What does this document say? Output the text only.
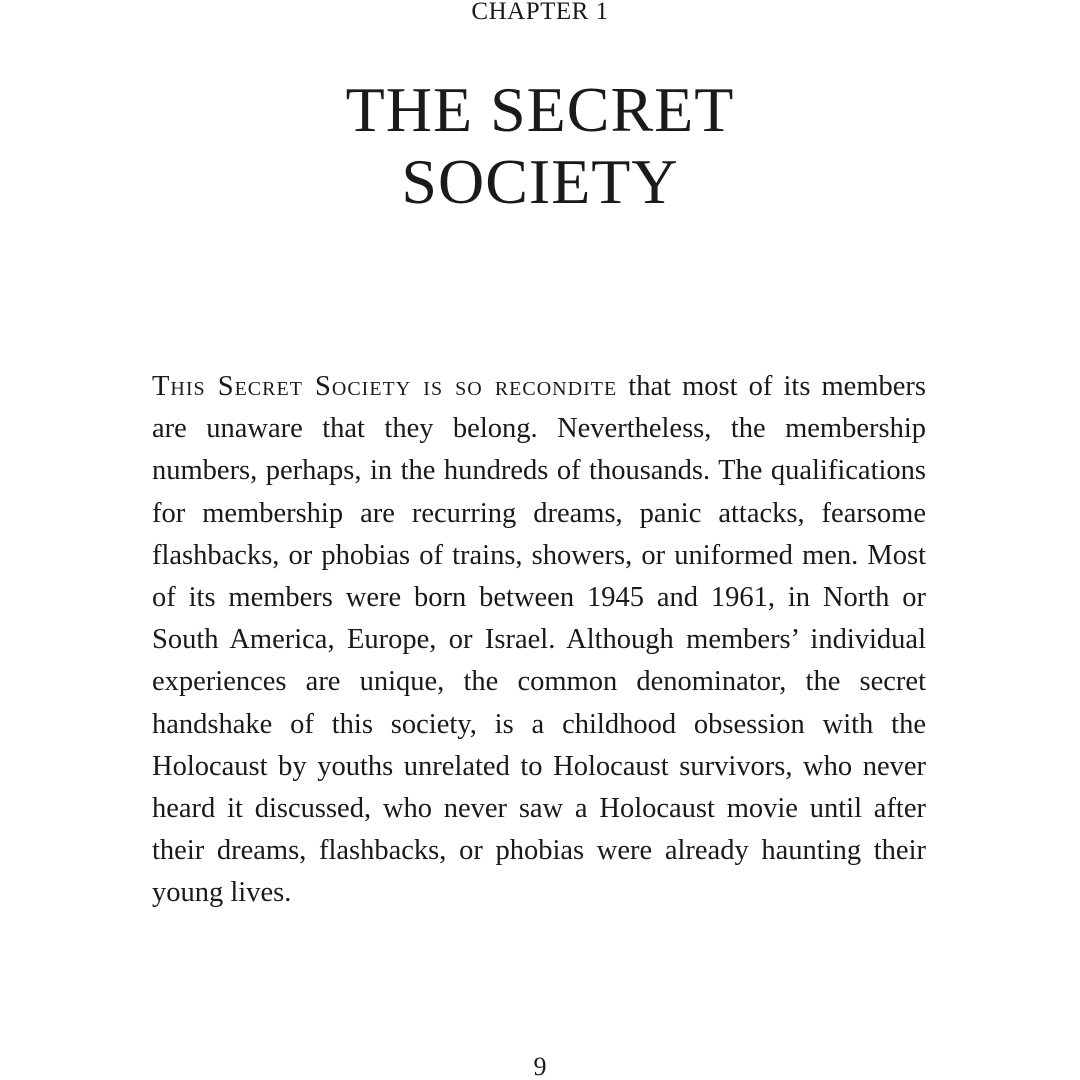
CHAPTER 1
THE SECRET
SOCIETY

This Secret Society is so recondite that most of its members are unaware that they belong. Nevertheless, the membership numbers, perhaps, in the hundreds of thousands. The qualifications for membership are recurring dreams, panic attacks, fearsome flashbacks, or phobias of trains, showers, or uniformed men. Most of its members were born between 1945 and 1961, in North or South America, Europe, or Israel. Although members’ individual experiences are unique, the common denominator, the secret handshake of this society, is a childhood obsession with the Holocaust by youths unrelated to Holocaust survivors, who never heard it discussed, who never saw a Holocaust movie until after their dreams, flashbacks, or phobias were already haunting their young lives.

9
